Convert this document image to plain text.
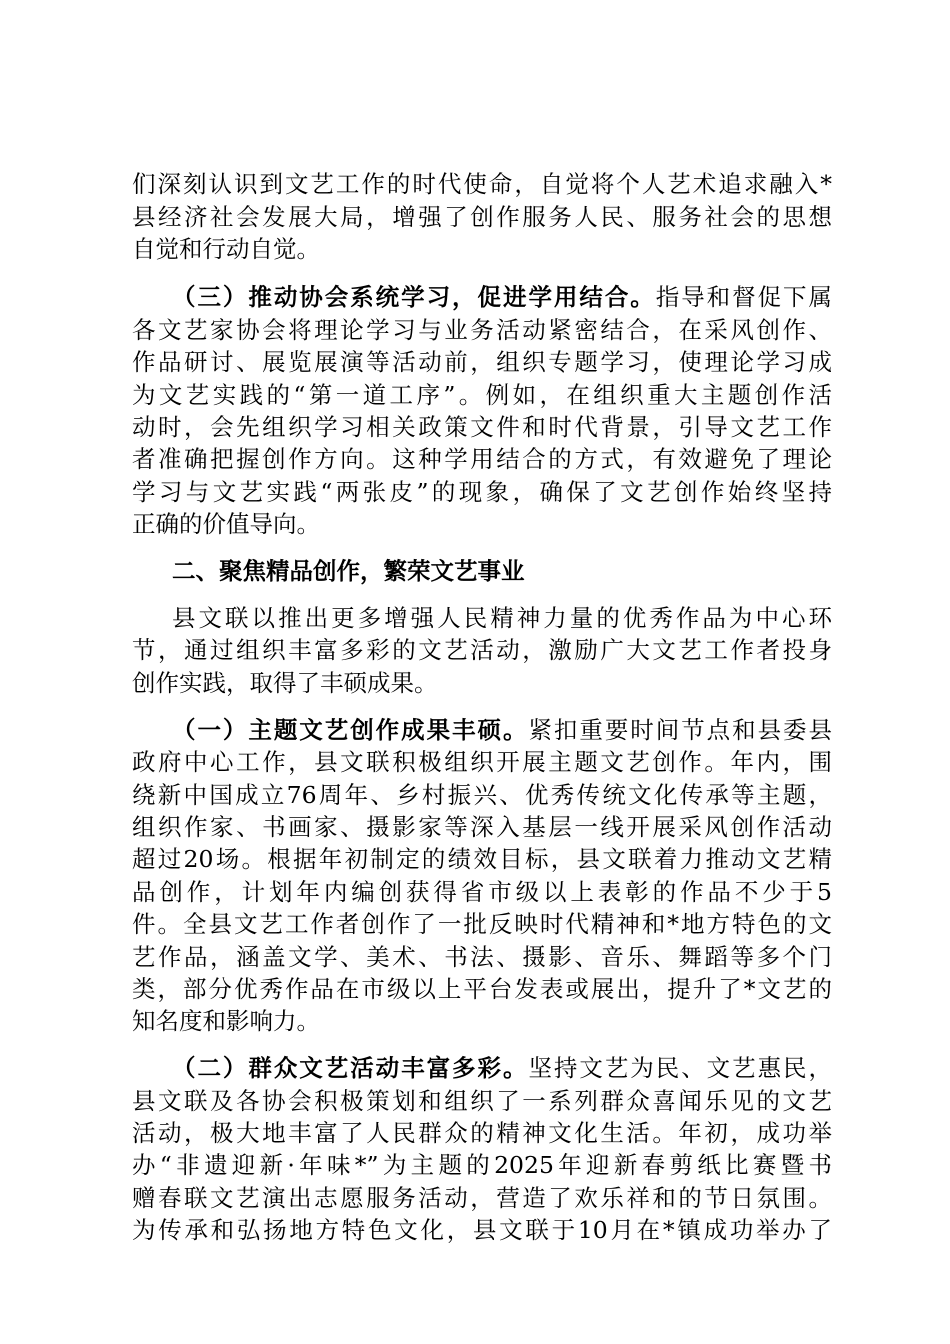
们深刻认识到文艺工作的时代使命，自觉将个人艺术追求融入*
县经济社会发展大局，增强了创作服务人民、服务社会的思想
自觉和行动自觉。
（三）推动协会系统学习，促进学用结合。指导和督促下属
各文艺家协会将理论学习与业务活动紧密结合，在采风创作、
作品研讨、展览展演等活动前，组织专题学习，使理论学习成
为文艺实践的“第一道工序”。例如，在组织重大主题创作活
动时，会先组织学习相关政策文件和时代背景，引导文艺工作
者准确把握创作方向。这种学用结合的方式，有效避免了理论
学习与文艺实践“两张皮”的现象，确保了文艺创作始终坚持
正确的价值导向。
二、聚焦精品创作，繁荣文艺事业
县文联以推出更多增强人民精神力量的优秀作品为中心环
节，通过组织丰富多彩的文艺活动，激励广大文艺工作者投身
创作实践，取得了丰硕成果。
（一）主题文艺创作成果丰硕。紧扣重要时间节点和县委县
政府中心工作，县文联积极组织开展主题文艺创作。年内，围
绕新中国成立76周年、乡村振兴、优秀传统文化传承等主题，
组织作家、书画家、摄影家等深入基层一线开展采风创作活动
超过20场。根据年初制定的绩效目标，县文联着力推动文艺精
品创作，计划年内编创获得省市级以上表彰的作品不少于5
件。全县文艺工作者创作了一批反映时代精神和*地方特色的文
艺作品，涵盖文学、美术、书法、摄影、音乐、舞蹈等多个门
类，部分优秀作品在市级以上平台发表或展出，提升了*文艺的
知名度和影响力。
（二）群众文艺活动丰富多彩。坚持文艺为民、文艺惠民，
县文联及各协会积极策划和组织了一系列群众喜闻乐见的文艺
活动，极大地丰富了人民群众的精神文化生活。年初，成功举
办“非遗迎新·年味*”为主题的2025年迎新春剪纸比赛暨书
赠春联文艺演出志愿服务活动，营造了欢乐祥和的节日氛围。
为传承和弘扬地方特色文化，县文联于10月在*镇成功举办了
